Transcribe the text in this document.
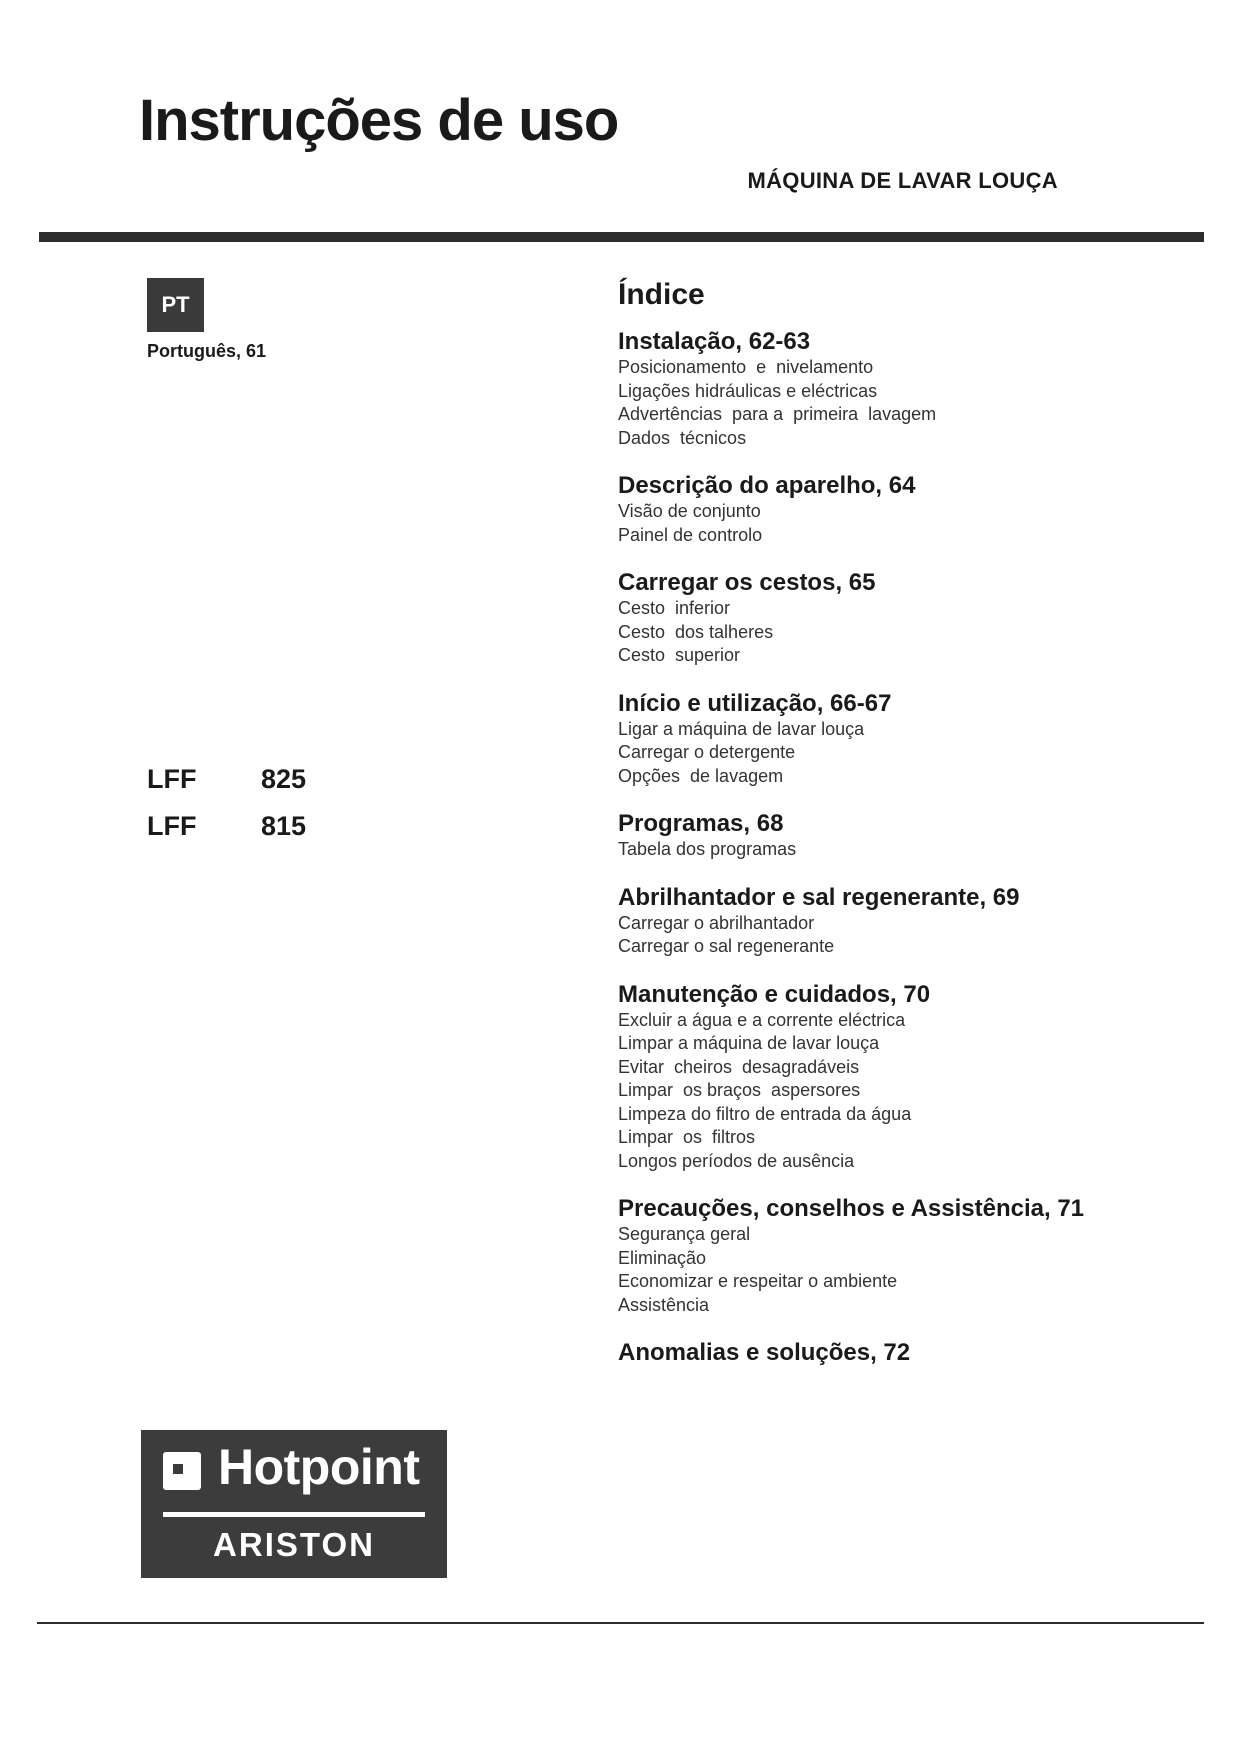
Instruções de uso
MÁQUINA DE LAVAR LOUÇA
PT
Português, 61
LFF   825
LFF   815
Índice
Instalação, 62-63
Posicionamento  e  nivelamento
Ligações hidráulicas e eléctricas
Advertências  para a  primeira  lavagem
Dados  técnicos
Descrição do aparelho, 64
Visão de conjunto
Painel de controlo
Carregar os cestos, 65
Cesto  inferior
Cesto  dos talheres
Cesto  superior
Início e utilização, 66-67
Ligar a máquina de lavar louça
Carregar o detergente
Opções  de lavagem
Programas, 68
Tabela dos programas
Abrilhantador e sal regenerante, 69
Carregar o abrilhantador
Carregar o sal regenerante
Manutenção e cuidados, 70
Excluir a água e a corrente eléctrica
Limpar a máquina de lavar louça
Evitar  cheiros  desagradáveis
Limpar  os braços  aspersores
Limpeza do filtro de entrada da água
Limpar  os  filtros
Longos períodos de ausência
Precauções, conselhos e Assistência, 71
Segurança geral
Eliminação
Economizar e respeitar o ambiente
Assistência
Anomalias e soluções, 72
Hotpoint
ARISTON
